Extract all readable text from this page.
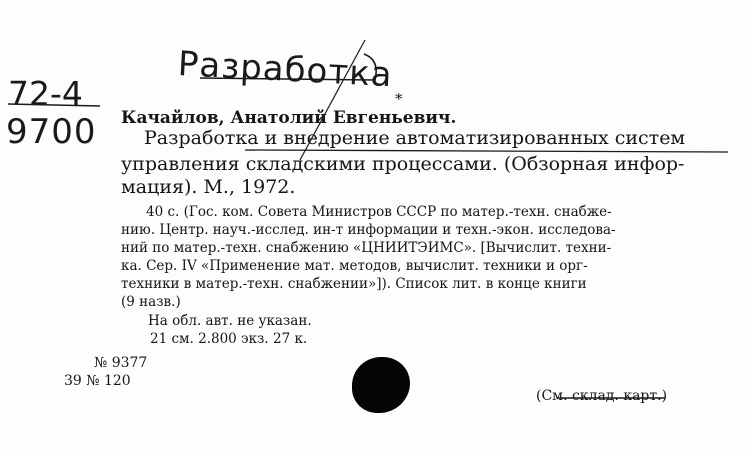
Разработка
72-4
9700
*
Качайлов, Анатолий Евгеньевич.
Разработка и внедрение автоматизированных систем
управления складскими процессами. (Обзорная инфор-
мация). М., 1972.
40 с. (Гос. ком. Совета Министров СССР по матер.-техн. снабже-
нию. Центр. науч.-исслед. ин-т информации и техн.-экон. исследова-
ний по матер.-техн. снабжению «ЦНИИТЭИМС». [Вычислит. техни-
ка. Сер. IV «Применение мат. методов, вычислит. техники и орг-
техники в матер.-техн. снабжении»]). Список лит. в конце книги
(9 назв.)
На обл. авт. не указан.
21 см. 2.800 экз. 27 к.
№ 9377
39 № 120
(См. склад. карт.)
